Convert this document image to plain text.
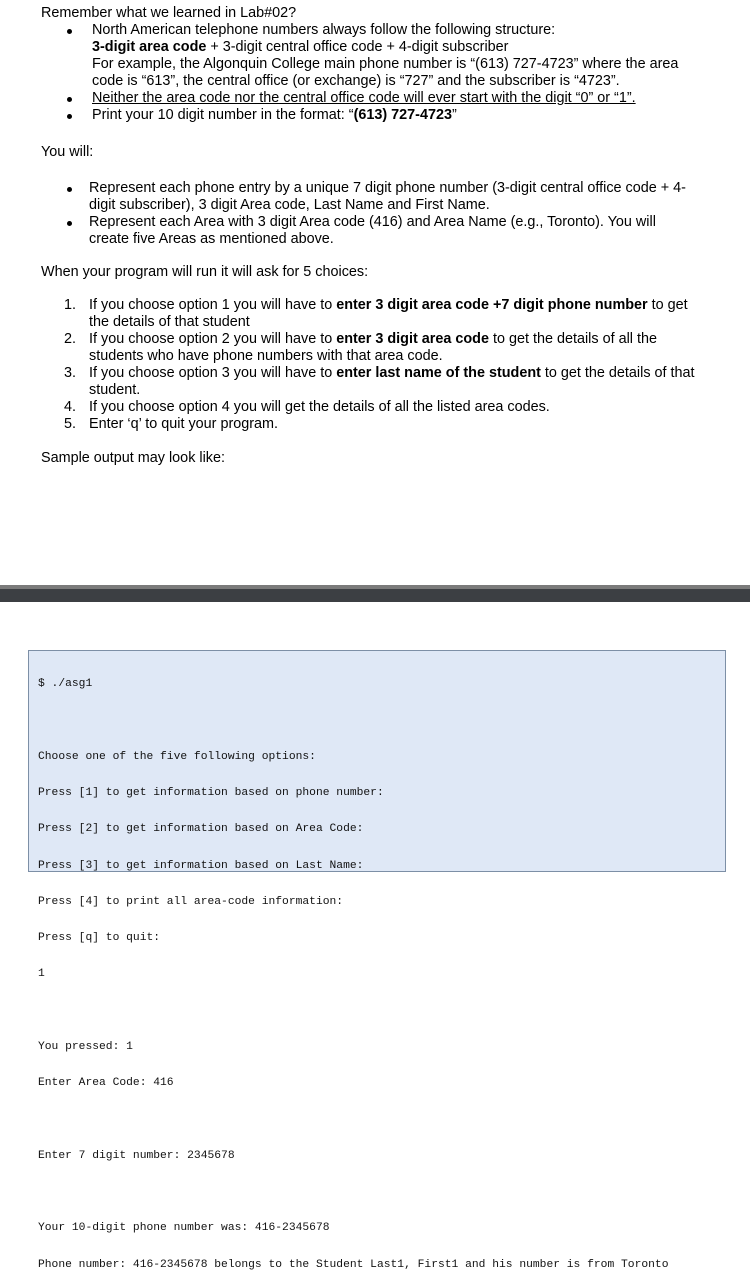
Remember what we learned in Lab#02?
North American telephone numbers always follow the following structure:
3-digit area code + 3-digit central office code + 4-digit subscriber
For example, the Algonquin College main phone number is “(613) 727-4723” where the area
code is “613”, the central office (or exchange) is “727” and the subscriber is “4723”.
Neither the area code nor the central office code will ever start with the digit “0” or “1”.
Print your 10 digit number in the format: “(613) 727-4723”
You will:
Represent each phone entry by a unique 7 digit phone number (3-digit central office code + 4-
digit subscriber), 3 digit Area code, Last Name and First Name.
Represent each Area with 3 digit Area code (416) and Area Name (e.g., Toronto). You will
create five Areas as mentioned above.
When your program will run it will ask for 5 choices:
1. If you choose option 1 you will have to enter 3 digit area code +7 digit phone number to get
the details of that student
2. If you choose option 2 you will have to enter 3 digit area code to get the details of all the
students who have phone numbers with that area code.
3. If you choose option 3 you will have to enter last name of the student to get the details of that
student.
4. If you choose option 4 you will get the details of all the listed area codes.
5. Enter ‘q’ to quit your program.
Sample output may look like:

$ ./asg1

Choose one of the five following options:

Press [1] to get information based on phone number:

Press [2] to get information based on Area Code:

Press [3] to get information based on Last Name:

Press [4] to print all area-code information:

Press [q] to quit:

1

You pressed: 1

Enter Area Code: 416

Enter 7 digit number: 2345678

Your 10-digit phone number was: 416-2345678

Phone number: 416-2345678 belongs to the Student Last1, First1 and his number is from Toronto
